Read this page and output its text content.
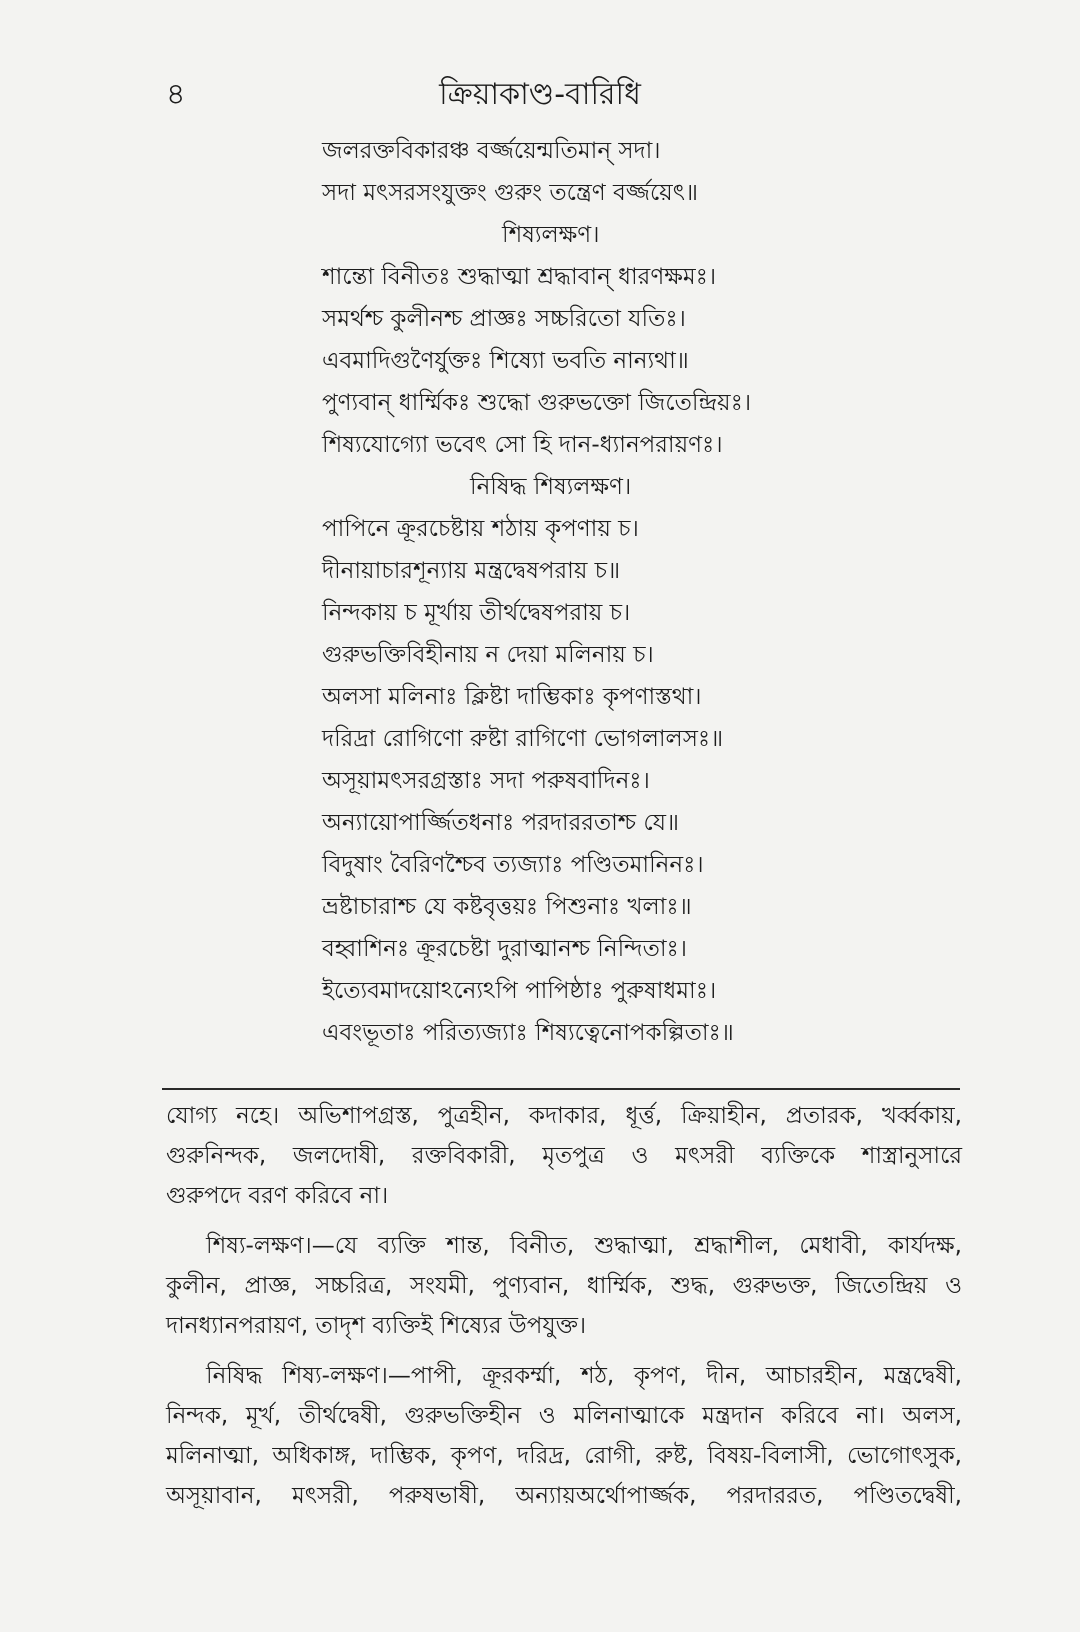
৪	ক্রিয়াকাণ্ড-বারিধি
জলরক্তবিকারঞ্চ বর্জ্জয়েন্মতিমান্ সদা।
সদা মৎসরসংযুক্তং গুরুং তন্ত্রেণ বর্জ্জয়েৎ॥
শিষ্যলক্ষণ।
শান্তো বিনীতঃ শুদ্ধাত্মা শ্রদ্ধাবান্ ধারণক্ষমঃ।
সমর্থশ্চ কুলীনশ্চ প্রাজ্ঞঃ সচ্চরিতো যতিঃ।
এবমাদিগুণৈর্যুক্তঃ শিষ্যো ভবতি নান্যথা॥
পুণ্যবান্ ধার্ম্মিকঃ শুদ্ধো গুরুভক্তো জিতেন্দ্রিয়ঃ।
শিষ্যযোগ্যো ভবেৎ সো হি দান-ধ্যানপরায়ণঃ।
নিষিদ্ধ শিষ্যলক্ষণ।
পাপিনে ক্রূরচেষ্টায় শঠায় কৃপণায় চ।
দীনায়াচারশূন্যায় মন্ত্রদ্বেষপরায় চ॥
নিন্দকায় চ মূর্খায় তীর্থদ্বেষপরায় চ।
গুরুভক্তিবিহীনায় ন দেয়া মলিনায় চ।
অলসা মলিনাঃ ক্লিষ্টা দাম্ভিকাঃ কৃপণাস্তথা।
দরিদ্রা রোগিণো রুষ্টা রাগিণো ভোগলালসঃ॥
অসূয়ামৎসরগ্রস্তাঃ সদা পরুষবাদিনঃ।
অন্যায়োপার্জ্জিতধনাঃ পরদাররতাশ্চ যে॥
বিদুষাং বৈরিণশ্চৈব ত্যজ্যাঃ পণ্ডিতমানিনঃ।
ভ্রষ্টাচারাশ্চ যে কষ্টবৃত্তয়ঃ পিশুনাঃ খলাঃ॥
বহ্বাশিনঃ ক্রূরচেষ্টা দুরাত্মানশ্চ নিন্দিতাঃ।
ইত্যেবমাদয়োঽন্যেঽপি পাপিষ্ঠাঃ পুরুষাধমাঃ।
এবংভূতাঃ পরিত্যজ্যাঃ শিষ্যত্বেনোপকল্পিতাঃ॥
যোগ্য নহে। অভিশাপগ্রস্ত, পুত্রহীন, কদাকার, ধূর্ত্ত, ক্রিয়াহীন, প্রতারক, খর্ব্বকায়,
গুরুনিন্দক, জলদোষী, রক্তবিকারী, মৃতপুত্র ও মৎসরী ব্যক্তিকে শাস্ত্রানুসারে
গুরুপদে বরণ করিবে না।
শিষ্য-লক্ষণ।—যে ব্যক্তি শান্ত, বিনীত, শুদ্ধাত্মা, শ্রদ্ধাশীল, মেধাবী, কার্যদক্ষ,
কুলীন, প্রাজ্ঞ, সচ্চরিত্র, সংযমী, পুণ্যবান, ধার্ম্মিক, শুদ্ধ, গুরুভক্ত, জিতেন্দ্রিয় ও
দানধ্যানপরায়ণ, তাদৃশ ব্যক্তিই শিষ্যের উপযুক্ত।
নিষিদ্ধ শিষ্য-লক্ষণ।—পাপী, ক্রূরকর্ম্মা, শঠ, কৃপণ, দীন, আচারহীন, মন্ত্রদ্বেষী,
নিন্দক, মূর্খ, তীর্থদ্বেষী, গুরুভক্তিহীন ও মলিনাত্মাকে মন্ত্রদান করিবে না। অলস,
মলিনাত্মা, অধিকাঙ্গ, দাম্ভিক, কৃপণ, দরিদ্র, রোগী, রুষ্ট, বিষয়-বিলাসী, ভোগোৎসুক,
অসূয়াবান, মৎসরী, পরুষভাষী, অন্যায়অর্থোপার্জ্জক, পরদাররত, পণ্ডিতদ্বেষী,
